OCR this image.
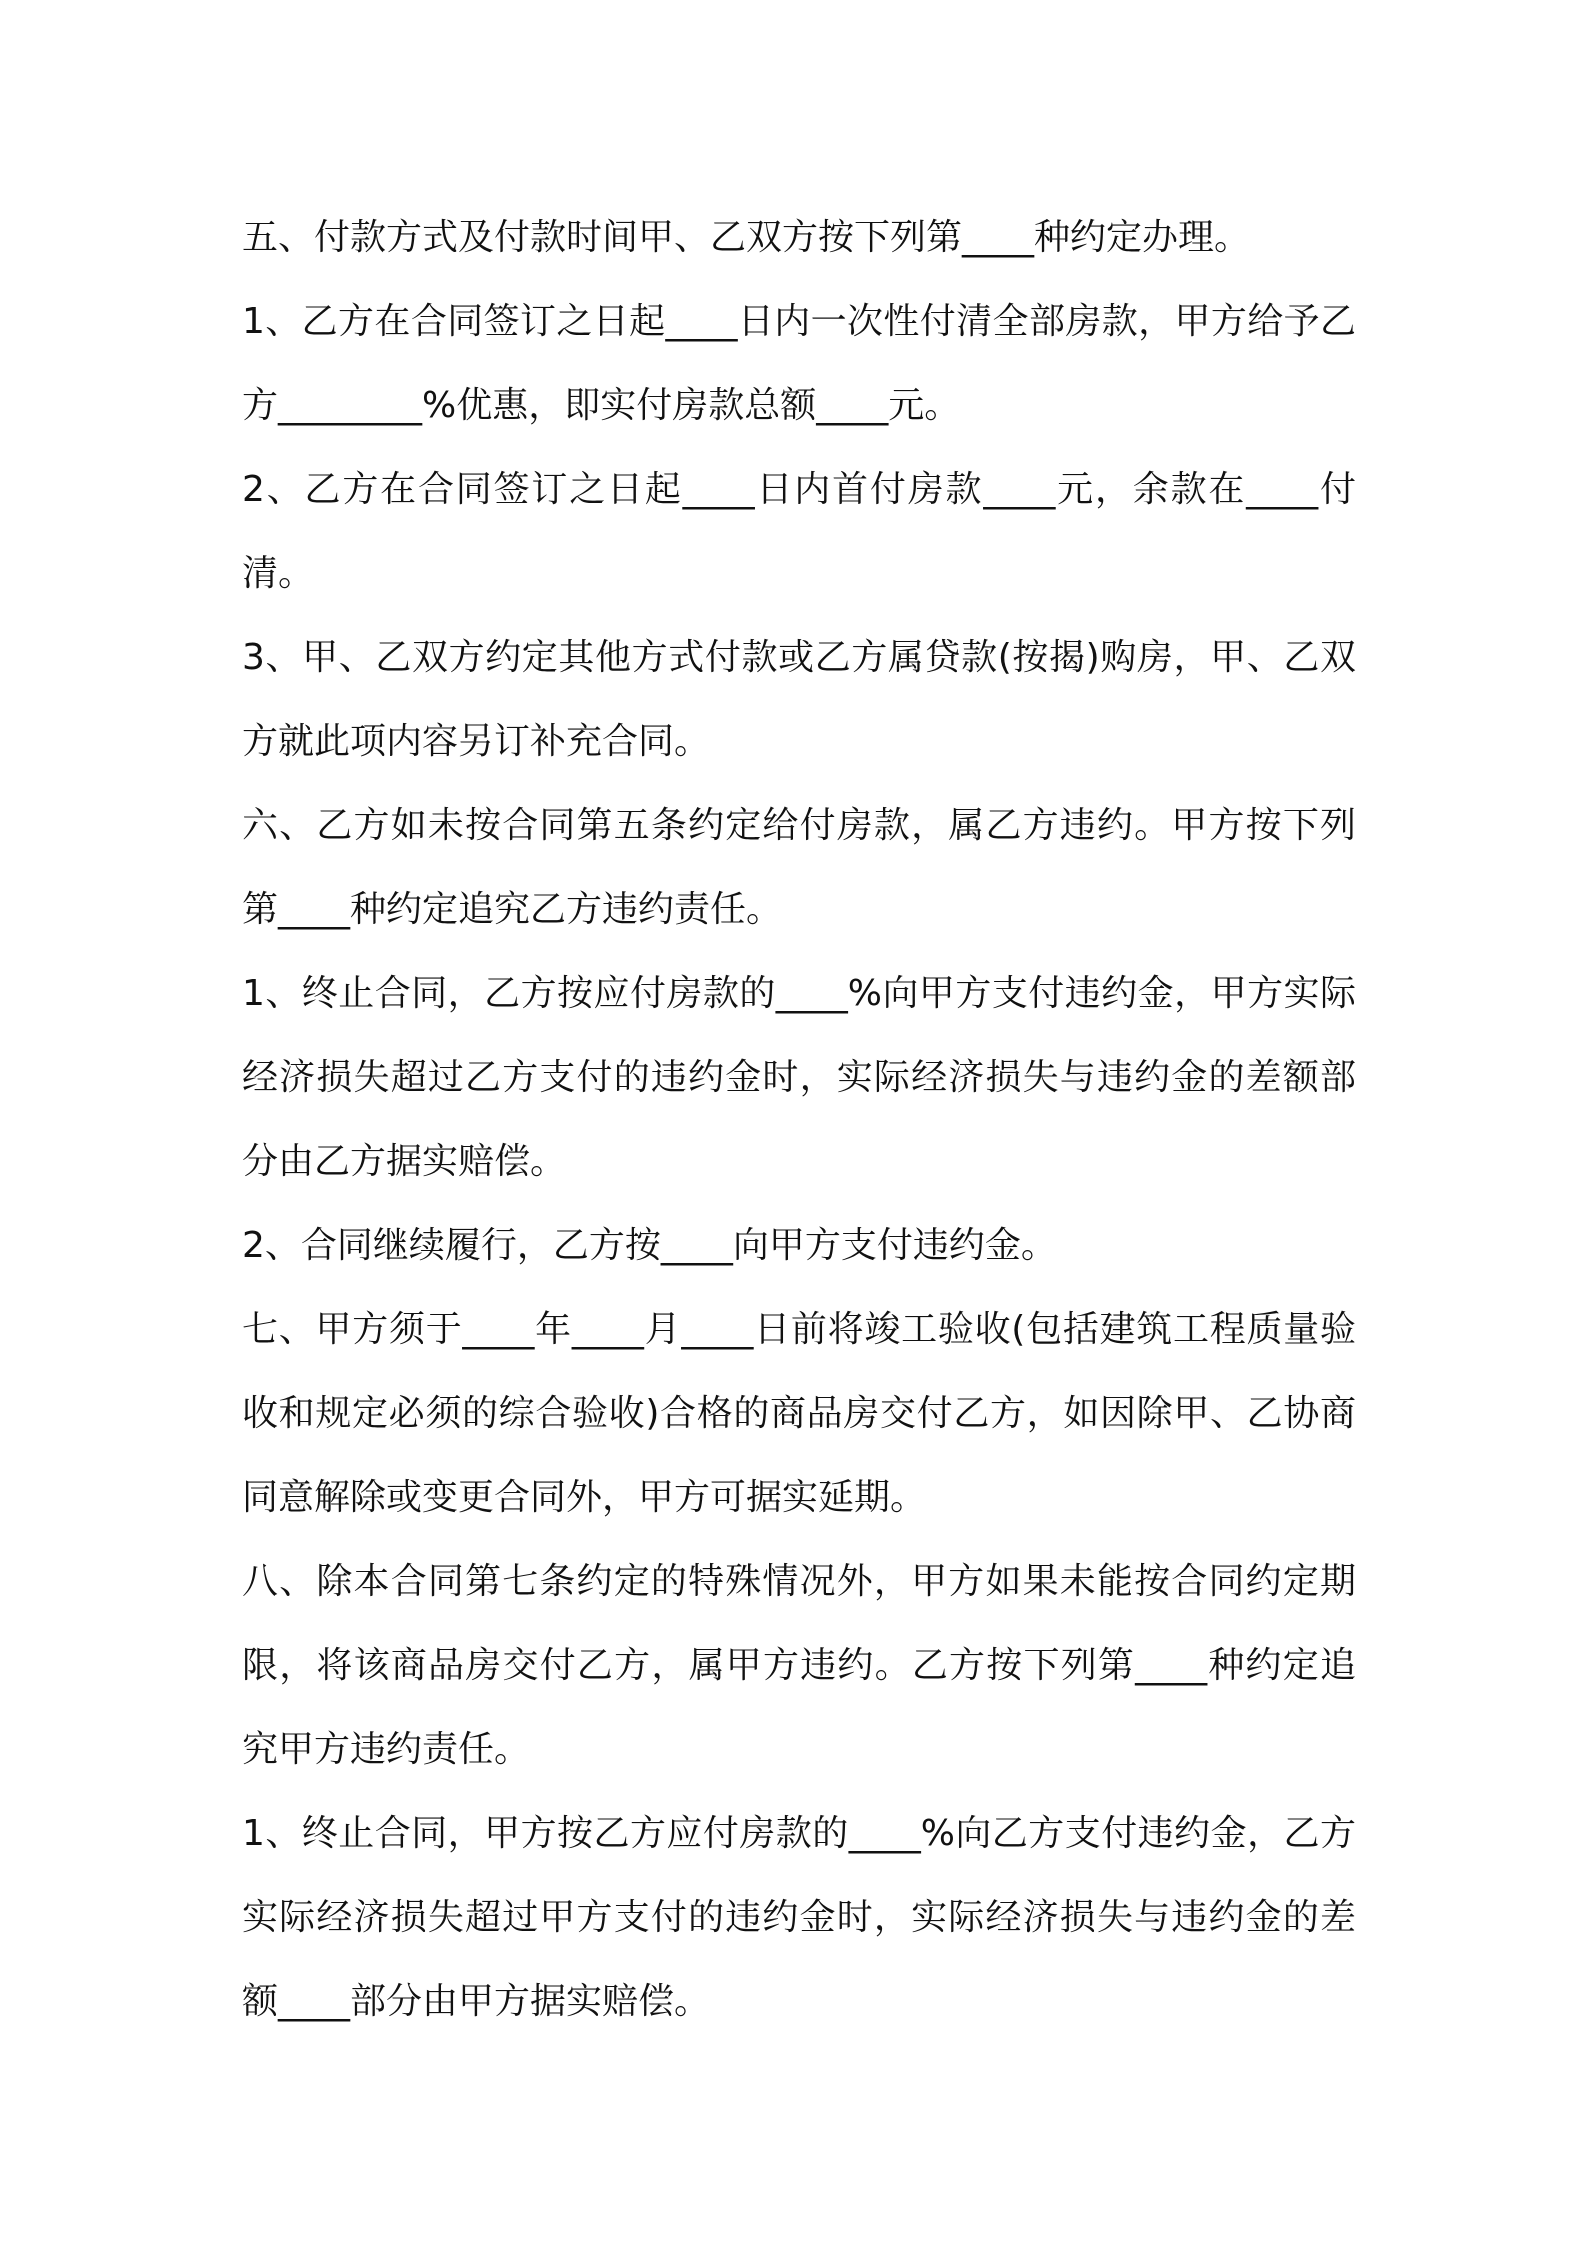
五、付款方式及付款时间甲、乙双方按下列第____种约定办理。

1、乙方在合同签订之日起____日内一次性付清全部房款，甲方给予乙方________%优惠，即实付房款总额____元。

2、乙方在合同签订之日起____日内首付房款____元，余款在____付清。

3、甲、乙双方约定其他方式付款或乙方属贷款(按揭)购房，甲、乙双方就此项内容另订补充合同。

六、乙方如未按合同第五条约定给付房款，属乙方违约。甲方按下列第____种约定追究乙方违约责任。

1、终止合同，乙方按应付房款的____%向甲方支付违约金，甲方实际经济损失超过乙方支付的违约金时，实际经济损失与违约金的差额部分由乙方据实赔偿。

2、合同继续履行，乙方按____向甲方支付违约金。

七、甲方须于____年____月____日前将竣工验收(包括建筑工程质量验收和规定必须的综合验收)合格的商品房交付乙方，如因除甲、乙协商同意解除或变更合同外，甲方可据实延期。

八、除本合同第七条约定的特殊情况外，甲方如果未能按合同约定期限，将该商品房交付乙方，属甲方违约。乙方按下列第____种约定追究甲方违约责任。

1、终止合同，甲方按乙方应付房款的____%向乙方支付违约金，乙方实际经济损失超过甲方支付的违约金时，实际经济损失与违约金的差额____部分由甲方据实赔偿。
